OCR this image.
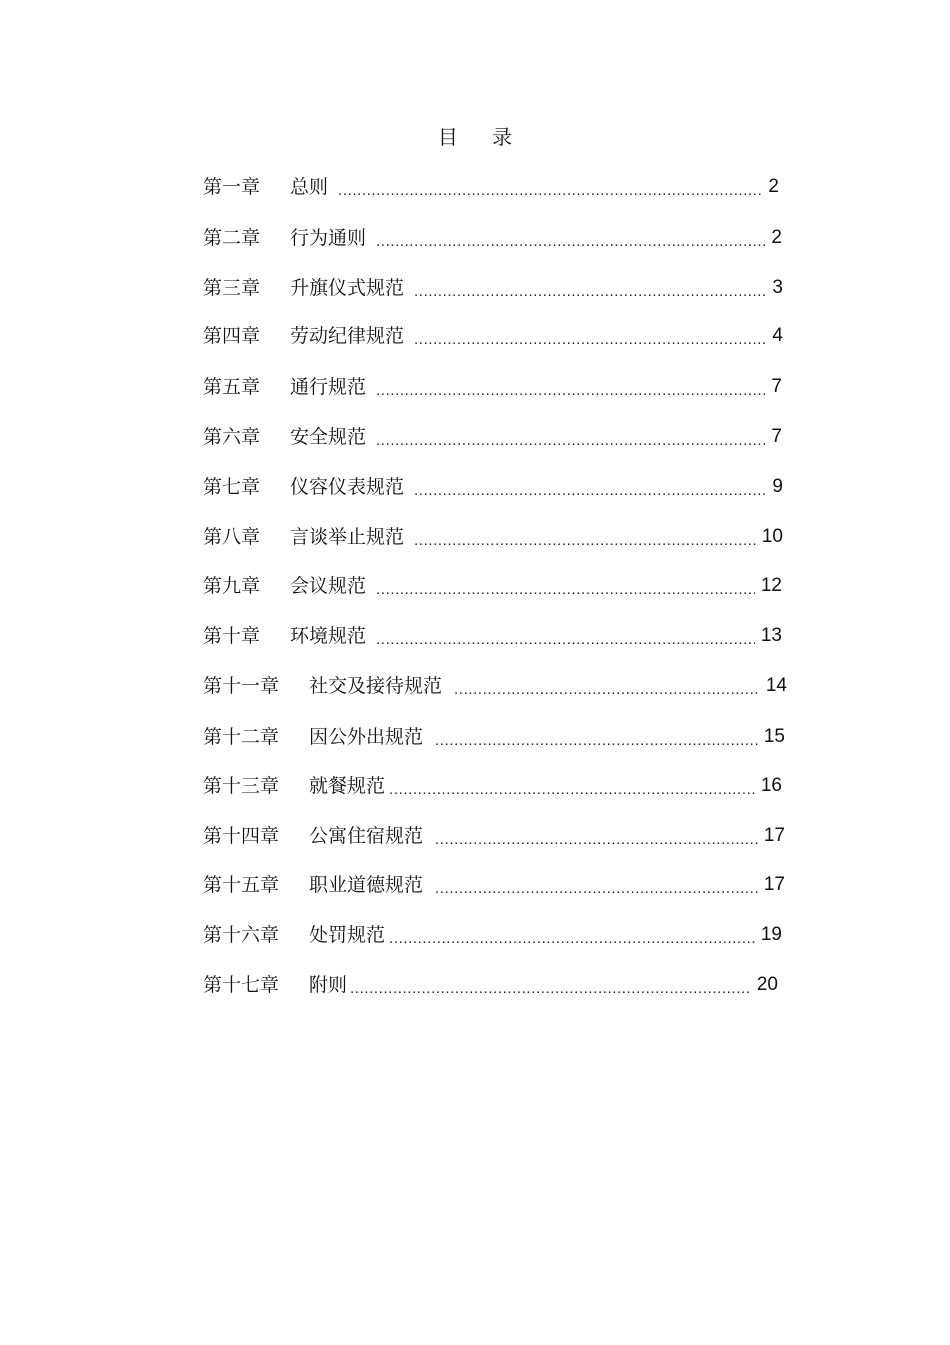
目 录
第一章 总则 .....	2
第二章 行为通则 .....	2
第三章 升旗仪式规范 .....	3
第四章 劳动纪律规范 .....	4
第五章 通行规范 .....	7
第六章 安全规范 .....	7
第七章 仪容仪表规范 .....	9
第八章 言谈举止规范 .....	10
第九章 会议规范 .....	12
第十章 环境规范 .....	13
第十一章 社交及接待规范 .....	14
第十二章 因公外出规范 .....	15
第十三章 就餐规范 .....	16
第十四章 公寓住宿规范 .....	17
第十五章 职业道德规范 .....	17
第十六章 处罚规范 .....	19
第十七章 附则 .....	20
